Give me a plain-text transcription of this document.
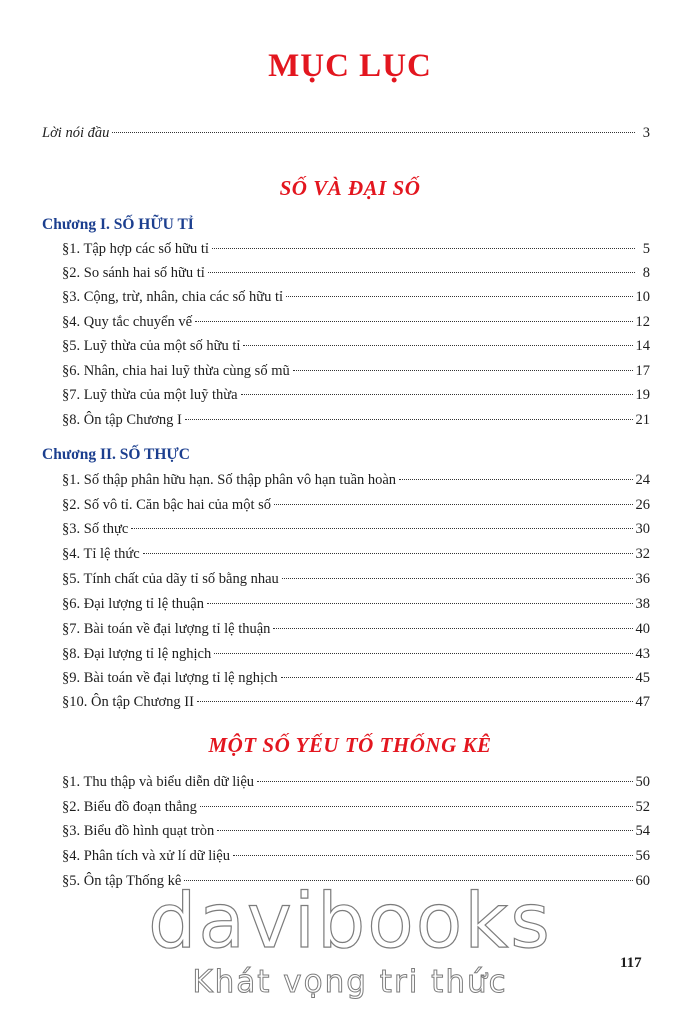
MỤC LỤC
Lời nói đầu	3
SỐ VÀ ĐẠI SỐ
Chương I. SỐ HỮU TỈ
§1. Tập hợp các số hữu tỉ	5
§2. So sánh hai số hữu tỉ	8
§3. Cộng, trừ, nhân, chia các số hữu tỉ	10
§4. Quy tắc chuyển vế	12
§5. Luỹ thừa của một số hữu tỉ	14
§6. Nhân, chia hai luỹ thừa cùng số mũ	17
§7. Luỹ thừa của một luỹ thừa	19
§8. Ôn tập Chương I	21
Chương II. SỐ THỰC
§1. Số thập phân hữu hạn. Số thập phân vô hạn tuần hoàn	24
§2. Số vô tỉ. Căn bậc hai của một số	26
§3. Số thực	30
§4. Tỉ lệ thức	32
§5. Tính chất của dãy tỉ số bằng nhau	36
§6. Đại lượng tỉ lệ thuận	38
§7. Bài toán về đại lượng tỉ lệ thuận	40
§8. Đại lượng tỉ lệ nghịch	43
§9. Bài toán về đại lượng tỉ lệ nghịch	45
§10. Ôn tập Chương II	47
MỘT SỐ YẾU TỐ THỐNG KÊ
§1. Thu thập và biểu diễn dữ liệu	50
§2. Biểu đồ đoạn thẳng	52
§3. Biểu đồ hình quạt tròn	54
§4. Phân tích và xử lí dữ liệu	56
§5. Ôn tập Thống kê	60
davibooks
Khát vọng tri thức
117
